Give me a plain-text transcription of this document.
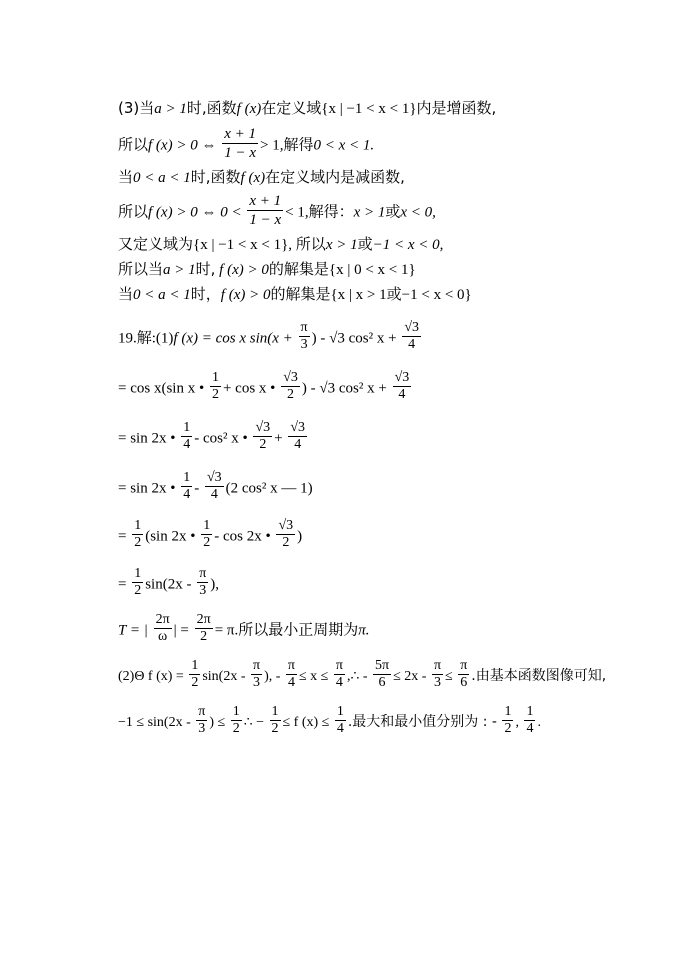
(3)当a > 1时,函数f (x)在定义域{x | −1 < x < 1}内是增函数,
所以f (x) > 0 ⇔ $\frac{x + 1}{1 - x} > 1$,解得0 < x < 1.
当0 < a < 1时,函数f (x)在定义域内是减函数,
所以f (x) > 0 ⇔ $0 < \frac{x + 1}{1 - x} < 1$,解得：x > 1或x < 0,
又定义域为{x | −1 < x < 1}, 所以x > 1或−1 < x < 0,
所以当a > 1时, f (x) > 0的解集是{x | 0 < x < 1}
当0 < a < 1时，f (x) > 0的解集是{x | x > 1或−1 < x < 0}
19.解:(1)f (x) = cos x $\sin(x + \frac{\pi}{3}$ ) - √3 cos² $x + \frac{√3}{4}$
= cos x(sin x • $\frac{1}{2} + \cos x$ • $\frac{√3}{2}$ ) - √3 cos² $x + \frac{√3}{4}$
= sin 2x • $\frac{1}{4} - \cos^2$ x • $\frac{√3}{2} + \frac{√3}{4}$
= sin 2x • $\frac{1}{4} - \frac{√3}{4} (2$ cos² x — 1)
= $\frac{1}{2} (\sin$ 2x • $\frac{1}{2}$ - cos 2x • $\frac{√3}{2}$ )
= $\frac{1}{2} \sin(2x - \frac{\pi}{3}$ ),
T = | $\frac{2\pi}{\omega}$ | = $\frac{2\pi}{2} = \pi$.所以最小正周期为π.
(2)Θ f $(x) = \frac{1}{2} \sin(2x - \frac{\pi}{3}$ ), - $\frac{\pi}{4} \le x \le \frac{\pi}{4}$ ,∴ - $\frac{5\pi}{6} \le 2x - \frac{\pi}{3} \le \frac{\pi}{6}$ .由基本函数图像可知,
$-1 \le \sin(2x - \frac{\pi}{3}$ ) ≤ $\frac{1}{2}$ ∴ − $\frac{1}{2} \le f$ $(x) \le \frac{1}{4}$ .最大和最小值分别为 : - $\frac{1}{2}$ , $\frac{1}{4}$ .
